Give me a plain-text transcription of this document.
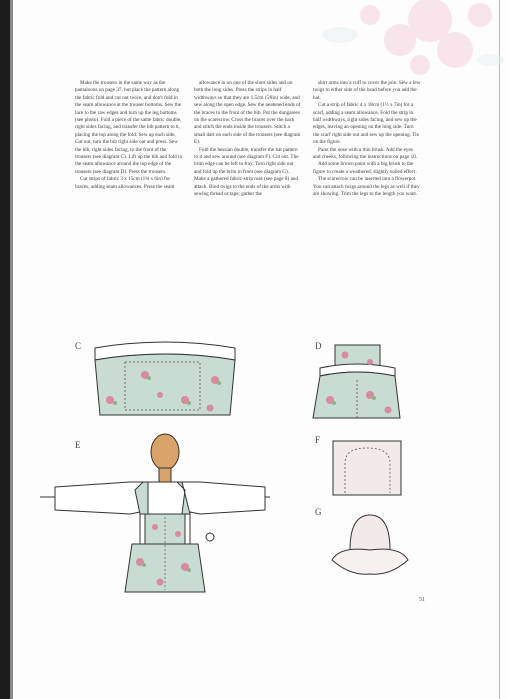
Make the trousers in the same way as the pantaloons on page 37, but place the pattern along the fabric fold and cut out twice, and don't fold in the seam allowance at the trouser bottoms. Sew the lace to the raw edges and turn up the leg bottoms (see photo). Fold a piece of the same fabric double, right sides facing, and transfer the bib pattern to it, placing the top along the fold. Sew up each side. Cut out, turn the bib right side out and press. Sew the bib, right sides facing, to the front of the trousers (see diagram C). Lift up the bib and fold in the seam allowance around the top edge of the trousers (see diagram D). Press the trousers.

Cut strips of fabric 3 x 15cm (1⅛ x 6in) for braces, adding seam allowances. Press the seam

allowance in on one of the short sides and on both the long sides. Press the strips in half widthways so that they are 1.5cm (5⁄8in) wide, and sew along the open edge. Sew the neatened ends of the braces to the front of the bib. Put the dungarees on the scarecrow. Cross the braces over the back and stitch the ends inside the trousers. Stitch a small dart on each side of the trousers (see diagram E).

Fold the hessian double, transfer the hat pattern to it and sew around (see diagram F). Cut out. The brim edge can be left to fray. Turn right side out and fold up the brim in front (see diagram G). Make a gathered fabric-strip rose (see page 8) and attach. Bind twigs to the ends of the arms with sewing thread or tape; gather the

shirt arms into a cuff to cover the join. Sew a few twigs to either side of the head before you add the hat.

Cut a strip of fabric 4 x 18cm (1½ x 7in) for a scarf, adding a seam allowance. Fold the strip in half widthways, right sides facing, and sew up the edges, leaving an opening on the long side. Turn the scarf right side out and sew up the opening. Tie on the figure.

Paint the nose with a thin brush. Add the eyes and cheeks, following the instructions on page 10.

Add some brown paint with a big brush to the figure to create a weathered, slightly soiled effect.

The scarecrow can be inserted into a flowerpot. You can attach twigs around the legs as well if they are showing. Trim the legs to the length you want.

C	D
E	F
G
51
